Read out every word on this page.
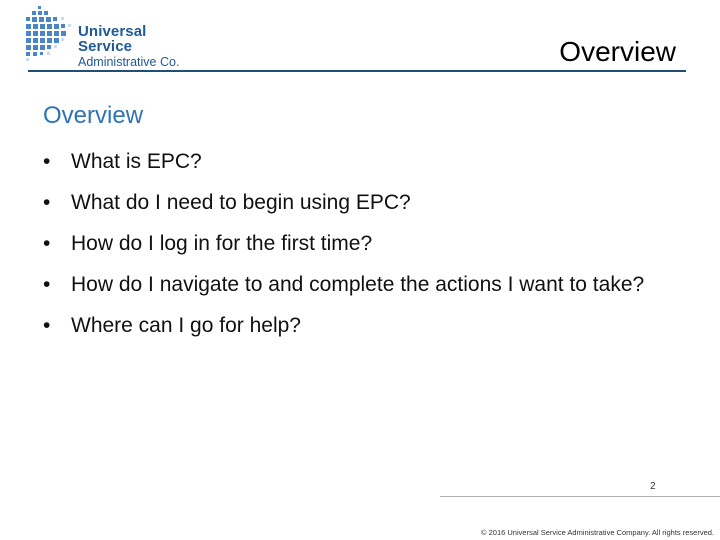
Universal Service
Administrative Co.	Overview
Overview
• What is EPC?
• What do I need to begin using EPC?
• How do I log in for the first time?
• How do I navigate to and complete the actions I want to take?
• Where can I go for help?
2
© 2016 Universal Service Administrative Company. All rights reserved.
